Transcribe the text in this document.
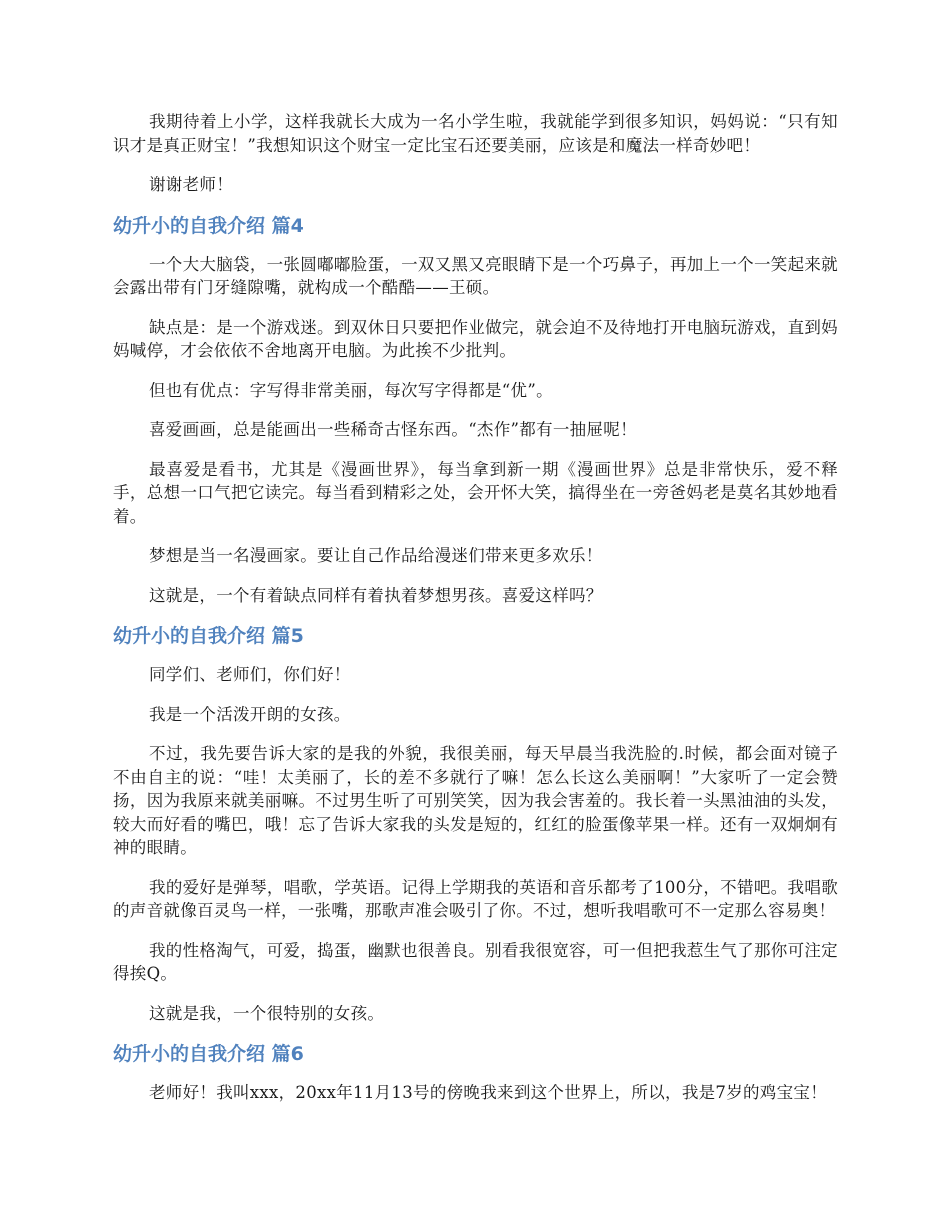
我期待着上小学，这样我就长大成为一名小学生啦，我就能学到很多知识，妈妈说：“只有知识才是真正财宝！”我想知识这个财宝一定比宝石还要美丽，应该是和魔法一样奇妙吧！

谢谢老师！

幼升小的自我介绍 篇4

一个大大脑袋，一张圆嘟嘟脸蛋，一双又黑又亮眼睛下是一个巧鼻子，再加上一个一笑起来就会露出带有门牙缝隙嘴，就构成一个酷酷——王硕。

缺点是：是一个游戏迷。到双休日只要把作业做完，就会迫不及待地打开电脑玩游戏，直到妈妈喊停，才会依依不舍地离开电脑。为此挨不少批判。

但也有优点：字写得非常美丽，每次写字得都是“优”。

喜爱画画，总是能画出一些稀奇古怪东西。“杰作”都有一抽屉呢！

最喜爱是看书，尤其是《漫画世界》，每当拿到新一期《漫画世界》总是非常快乐，爱不释手，总想一口气把它读完。每当看到精彩之处，会开怀大笑，搞得坐在一旁爸妈老是莫名其妙地看着。

梦想是当一名漫画家。要让自己作品给漫迷们带来更多欢乐！

这就是，一个有着缺点同样有着执着梦想男孩。喜爱这样吗？

幼升小的自我介绍 篇5

同学们、老师们，你们好！

我是一个活泼开朗的女孩。

不过，我先要告诉大家的是我的外貌，我很美丽，每天早晨当我洗脸的.时候，都会面对镜子不由自主的说：“哇！太美丽了，长的差不多就行了嘛！怎么长这么美丽啊！”大家听了一定会赞扬，因为我原来就美丽嘛。不过男生听了可别笑笑，因为我会害羞的。我长着一头黑油油的头发，较大而好看的嘴巴，哦！忘了告诉大家我的头发是短的，红红的脸蛋像苹果一样。还有一双炯炯有神的眼睛。

我的爱好是弹琴，唱歌，学英语。记得上学期我的英语和音乐都考了100分，不错吧。我唱歌的声音就像百灵鸟一样，一张嘴，那歌声准会吸引了你。不过，想听我唱歌可不一定那么容易奥！

我的性格淘气，可爱，捣蛋，幽默也很善良。别看我很宽容，可一但把我惹生气了那你可注定得挨Q。

这就是我，一个很特别的女孩。

幼升小的自我介绍 篇6

老师好！我叫xxx，20xx年11月13号的傍晚我来到这个世界上，所以，我是7岁的鸡宝宝！
